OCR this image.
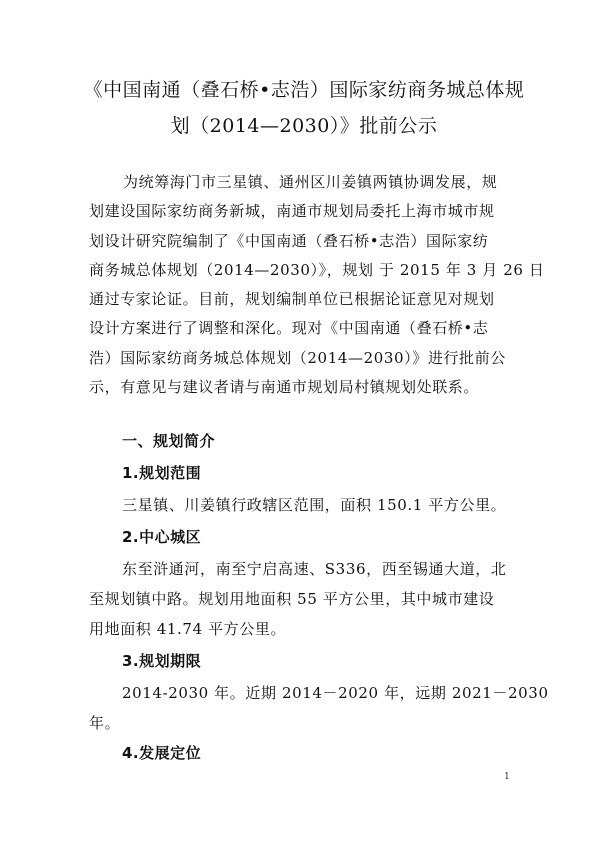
《中国南通（叠石桥•志浩）国际家纺商务城总体规
划（2014—2030）》批前公示
为统筹海门市三星镇、通州区川姜镇两镇协调发展，规
划建设国际家纺商务新城，南通市规划局委托上海市城市规
划设计研究院编制了《中国南通（叠石桥•志浩）国际家纺
商务城总体规划（2014—2030）》，规划 于 2015 年 3 月 26 日
通过专家论证。目前，规划编制单位已根据论证意见对规划
设计方案进行了调整和深化。现对《中国南通（叠石桥•志
浩）国际家纺商务城总体规划（2014—2030）》进行批前公
示，有意见与建议者请与南通市规划局村镇规划处联系。
一、规划简介
1.规划范围
三星镇、川姜镇行政辖区范围，面积 150.1 平方公里。
2.中心城区
东至浒通河，南至宁启高速、S336，西至锡通大道，北
至规划镇中路。规划用地面积 55 平方公里，其中城市建设
用地面积 41.74 平方公里。
3.规划期限
2014-2030 年。近期 2014－2020 年，远期 2021－2030
年。
4.发展定位
1
